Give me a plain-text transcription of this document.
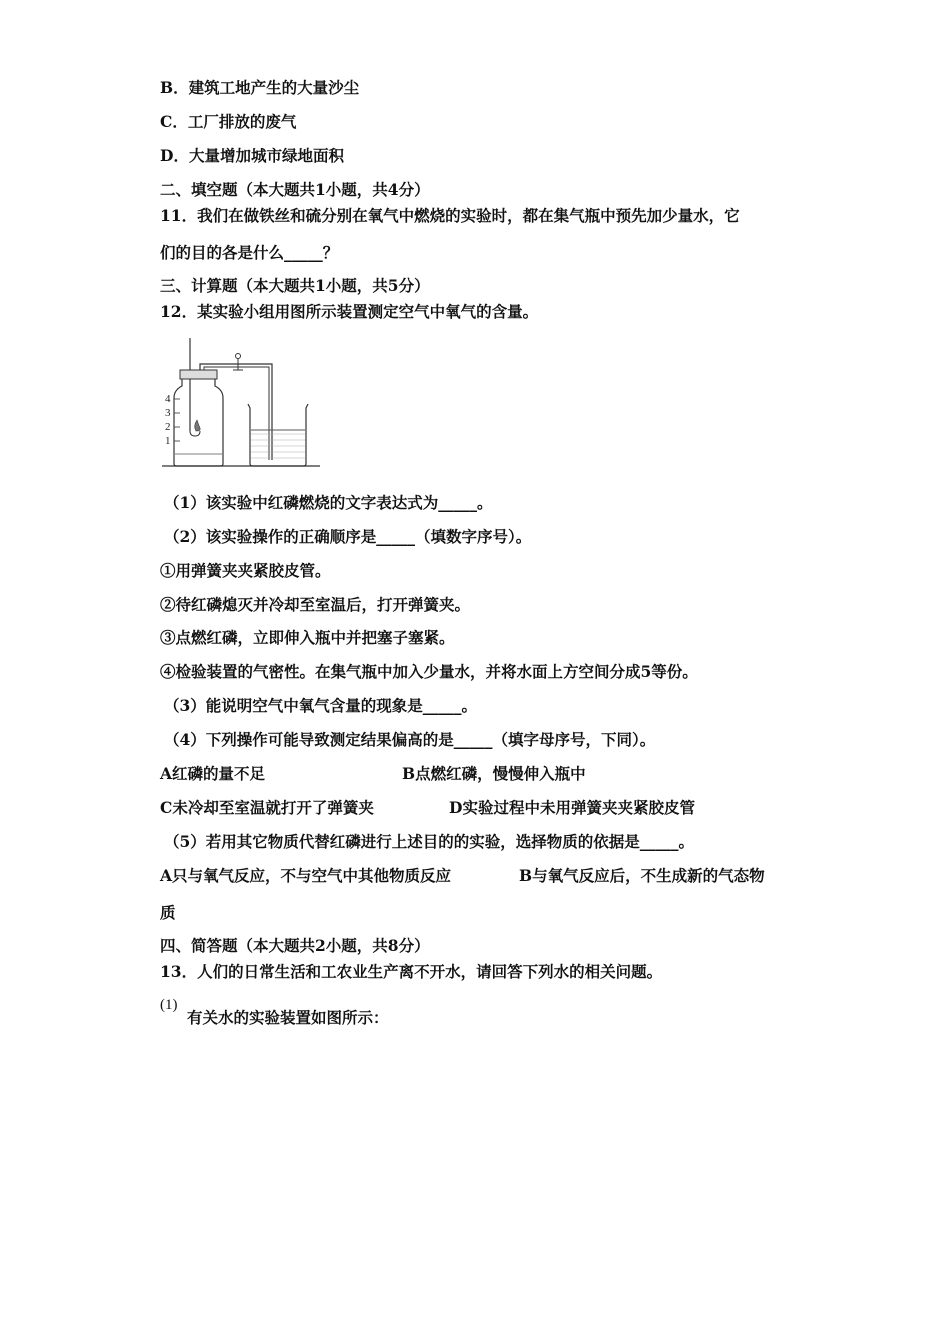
B．建筑工地产生的大量沙尘
C．工厂排放的废气
D．大量增加城市绿地面积
二、填空题（本大题共1小题，共4分）
11．我们在做铁丝和硫分别在氧气中燃烧的实验时，都在集气瓶中预先加少量水，它
们的目的各是什么_____？
三、计算题（本大题共1小题，共5分）
12．某实验小组用图所示装置测定空气中氧气的含量。
4
3
2
1
（1）该实验中红磷燃烧的文字表达式为_____。
（2）该实验操作的正确顺序是_____（填数字序号）。
①用弹簧夹夹紧胶皮管。
②待红磷熄灭并冷却至室温后，打开弹簧夹。
③点燃红磷，立即伸入瓶中并把塞子塞紧。
④检验装置的气密性。在集气瓶中加入少量水，并将水面上方空间分成5等份。
（3）能说明空气中氧气含量的现象是_____。
（4）下列操作可能导致测定结果偏高的是_____（填字母序号，下同）。
A红磷的量不足	B点燃红磷，慢慢伸入瓶中
C未冷却至室温就打开了弹簧夹	D实验过程中未用弹簧夹夹紧胶皮管
（5）若用其它物质代替红磷进行上述目的的实验，选择物质的依据是_____。
A只与氧气反应，不与空气中其他物质反应	B与氧气反应后，不生成新的气态物
质
四、简答题（本大题共2小题，共8分）
13．人们的日常生活和工农业生产离不开水，请回答下列水的相关问题。
(1)
有关水的实验装置如图所示：
